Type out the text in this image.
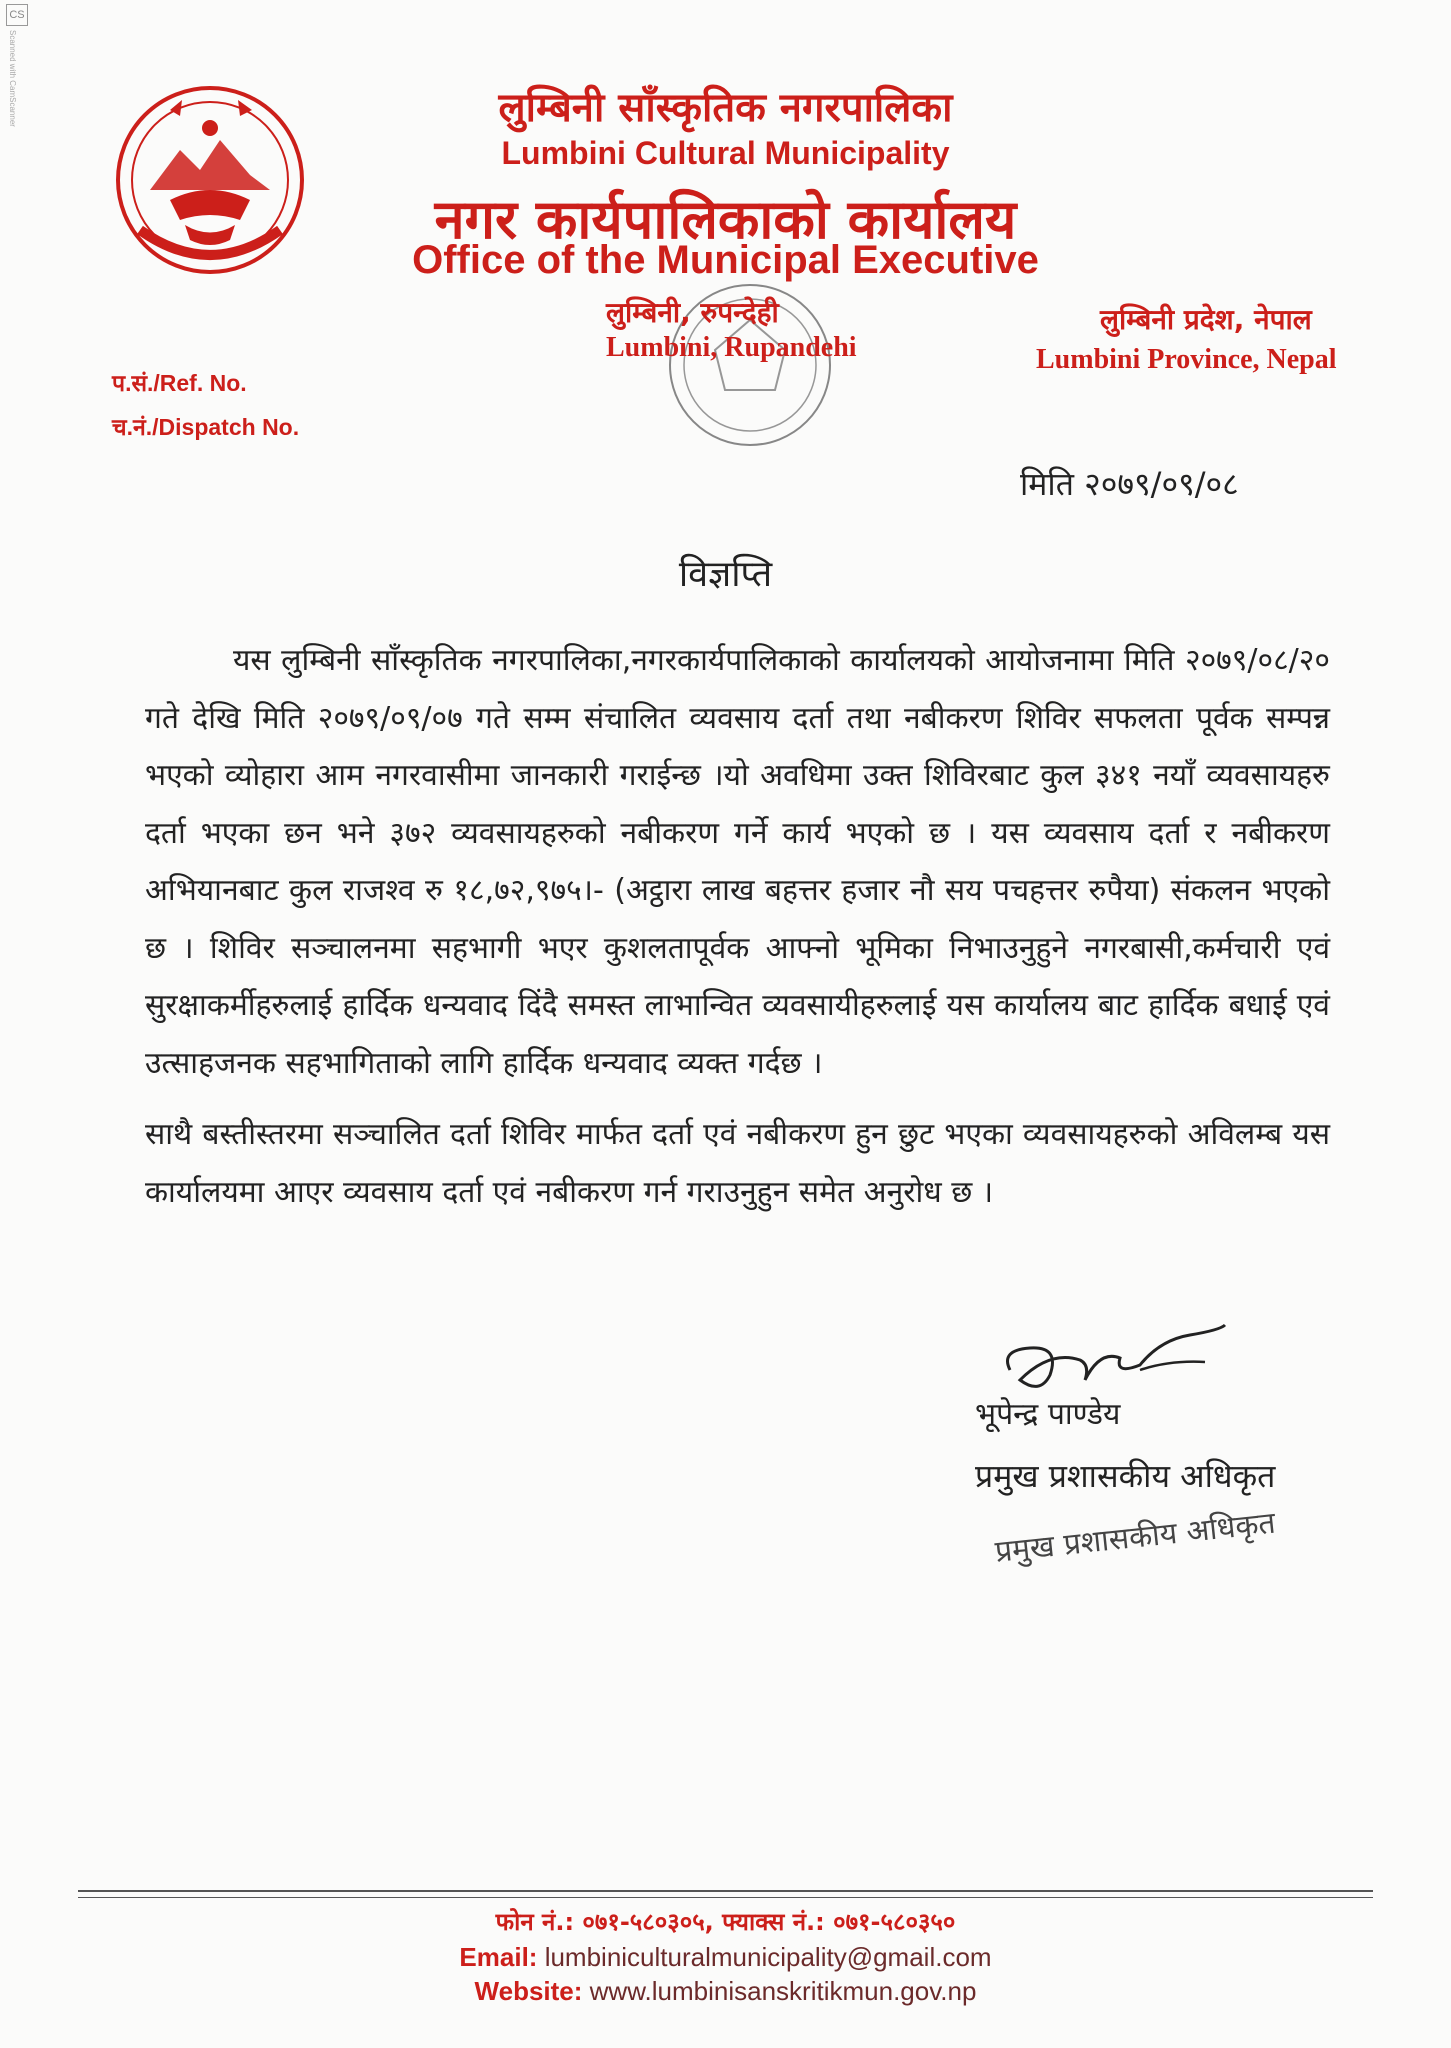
CS
Scanned with CamScanner	लुम्बिनी साँस्कृतिक नगरपालिका
Lumbini Cultural Municipality
नगर कार्यपालिकाको कार्यालय
Office of the Municipal Executive
लुम्बिनी, रुपन्देही
Lumbini, Rupandehi
लुम्बिनी प्रदेश, नेपाल
Lumbini Province, Nepal
प.सं./Ref. No.
च.नं./Dispatch No.
मिति २०७९/०९/०८
विज्ञप्ति

यस लुम्बिनी साँस्कृतिक नगरपालिका,नगरकार्यपालिकाको कार्यालयको आयोजनामा मिति २०७९/०८/२० गते देखि मिति २०७९/०९/०७ गते सम्म संचालित व्यवसाय दर्ता तथा नबीकरण शिविर सफलता पूर्वक सम्पन्न भएको व्योहारा आम नगरवासीमा जानकारी गराईन्छ ।यो अवधिमा उक्त शिविरबाट कुल ३४१ नयाँ व्यवसायहरु दर्ता भएका छन भने ३७२ व्यवसायहरुको नबीकरण गर्ने कार्य भएको छ । यस व्यवसाय दर्ता र नबीकरण अभियानबाट कुल राजश्व रु १८,७२,९७५।- (अट्ठारा लाख बहत्तर हजार नौ सय पचहत्तर रुपैया) संकलन भएको छ । शिविर सञ्चालनमा सहभागी भएर कुशलतापूर्वक आफ्नो भूमिका निभाउनुहुने नगरबासी,कर्मचारी एवं सुरक्षाकर्मीहरुलाई हार्दिक धन्यवाद दिंदै समस्त लाभान्वित व्यवसायीहरुलाई यस कार्यालय बाट हार्दिक बधाई एवं उत्साहजनक सहभागिताको लागि हार्दिक धन्यवाद व्यक्त गर्दछ ।

साथै बस्तीस्तरमा सञ्चालित दर्ता शिविर मार्फत दर्ता एवं नबीकरण हुन छुट भएका व्यवसायहरुको अविलम्ब यस कार्यालयमा आएर व्यवसाय दर्ता एवं नबीकरण गर्न गराउनुहुन समेत अनुरोध छ ।

भूपेन्द्र पाण्डेय
प्रमुख प्रशासकीय अधिकृत
प्रमुख प्रशासकीय अधिकृत
फोन नं.: ०७१-५८०३०५, फ्याक्स नं.: ०७१-५८०३५०
Email: lumbiniculturalmunicipality@gmail.com
Website: www.lumbinisanskritikmun.gov.np
